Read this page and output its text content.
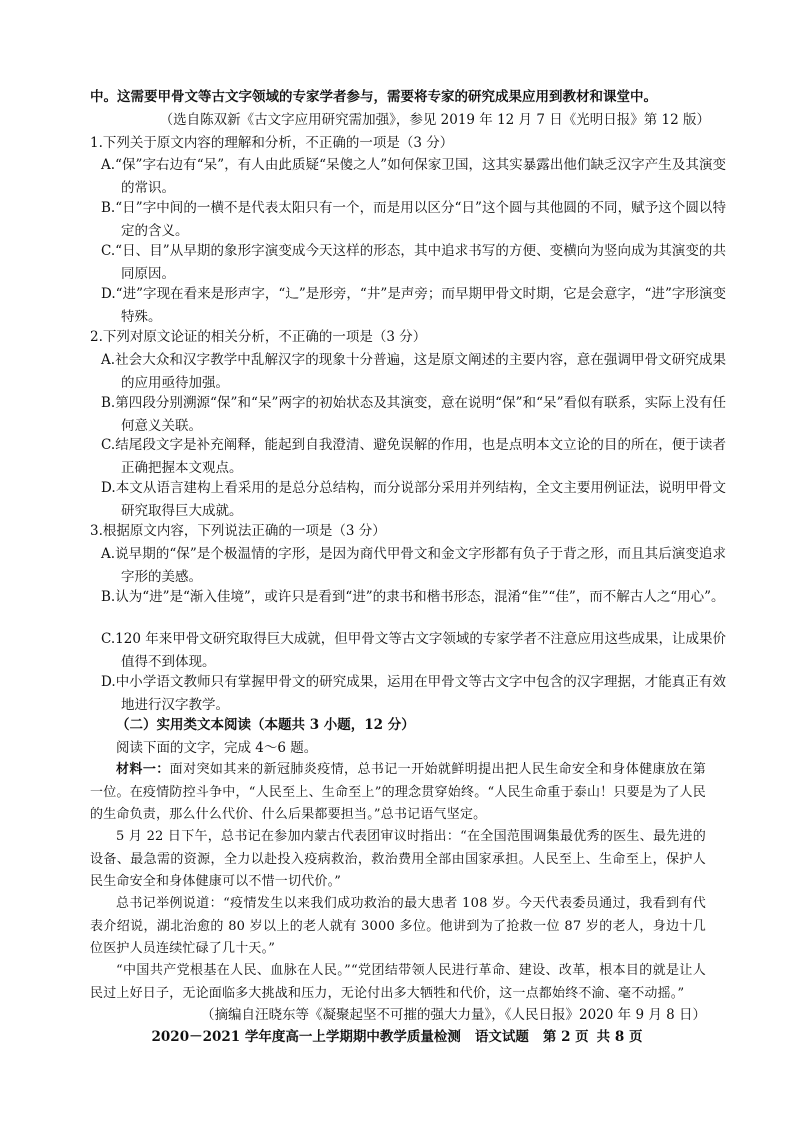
中。这需要甲骨文等古文字领域的专家学者参与，需要将专家的研究成果应用到教材和课堂中。

（选自陈双新《古文字应用研究需加强》，参见 2019 年 12 月 7 日《光明日报》第 12 版）

1.下列关于原文内容的理解和分析，不正确的一项是（3 分）

A.“保”字右边有“呆”，有人由此质疑“呆傻之人”如何保家卫国，这其实暴露出他们缺乏汉字产生及其演变的常识。

B.“日”字中间的一横不是代表太阳只有一个，而是用以区分“日”这个圆与其他圆的不同，赋予这个圆以特定的含义。

C.“日、目”从早期的象形字演变成今天这样的形态，其中追求书写的方便、变横向为竖向成为其演变的共同原因。

D.“进”字现在看来是形声字，“辶”是形旁，“井”是声旁；而早期甲骨文时期，它是会意字，“进”字形演变特殊。

2.下列对原文论证的相关分析，不正确的一项是（3 分）

A.社会大众和汉字教学中乱解汉字的现象十分普遍，这是原文阐述的主要内容，意在强调甲骨文研究成果的应用亟待加强。

B.第四段分别溯源“保”和“呆”两字的初始状态及其演变，意在说明“保”和“呆”看似有联系，实际上没有任何意义关联。

C.结尾段文字是补充阐释，能起到自我澄清、避免误解的作用，也是点明本文立论的目的所在，便于读者正确把握本文观点。

D.本文从语言建构上看采用的是总分总结构，而分说部分采用并列结构，全文主要用例证法，说明甲骨文研究取得巨大成就。

3.根据原文内容，下列说法正确的一项是（3 分）

A.说早期的“保”是个极温情的字形，是因为商代甲骨文和金文字形都有负子于背之形，而且其后演变追求字形的美感。

B.认为“进”是“渐入佳境”，或许只是看到“进”的隶书和楷书形态，混淆“隹”“佳”，而不解古人之“用心”。

C.120 年来甲骨文研究取得巨大成就，但甲骨文等古文字领域的专家学者不注意应用这些成果，让成果价值得不到体现。

D.中小学语文教师只有掌握甲骨文的研究成果，运用在甲骨文等古文字中包含的汉字理据，才能真正有效地进行汉字教学。

（二）实用类文本阅读（本题共 3 小题，12 分）

阅读下面的文字，完成 4～6 题。

材料一：面对突如其来的新冠肺炎疫情，总书记一开始就鲜明提出把人民生命安全和身体健康放在第一位。在疫情防控斗争中，“人民至上、生命至上”的理念贯穿始终。“人民生命重于泰山！只要是为了人民的生命负责，那么什么代价、什么后果都要担当。”总书记语气坚定。

5 月 22 日下午，总书记在参加内蒙古代表团审议时指出：“在全国范围调集最优秀的医生、最先进的设备、最急需的资源，全力以赴投入疫病救治，救治费用全部由国家承担。人民至上、生命至上，保护人民生命安全和身体健康可以不惜一切代价。”

总书记举例说道：“疫情发生以来我们成功救治的最大患者 108 岁。今天代表委员通过，我看到有代表介绍说，湖北治愈的 80 岁以上的老人就有 3000 多位。他讲到为了抢救一位 87 岁的老人，身边十几位医护人员连续忙碌了几十天。”

“中国共产党根基在人民、血脉在人民。”“党团结带领人民进行革命、建设、改革，根本目的就是让人民过上好日子，无论面临多大挑战和压力，无论付出多大牺牲和代价，这一点都始终不渝、毫不动摇。”

（摘编自汪晓东等《凝聚起坚不可摧的强大力量》，《人民日报》2020 年 9 月 8 日）

2020－2021 学年度高一上学期期中教学质量检测 语文试题 第 2 页 共 8 页
